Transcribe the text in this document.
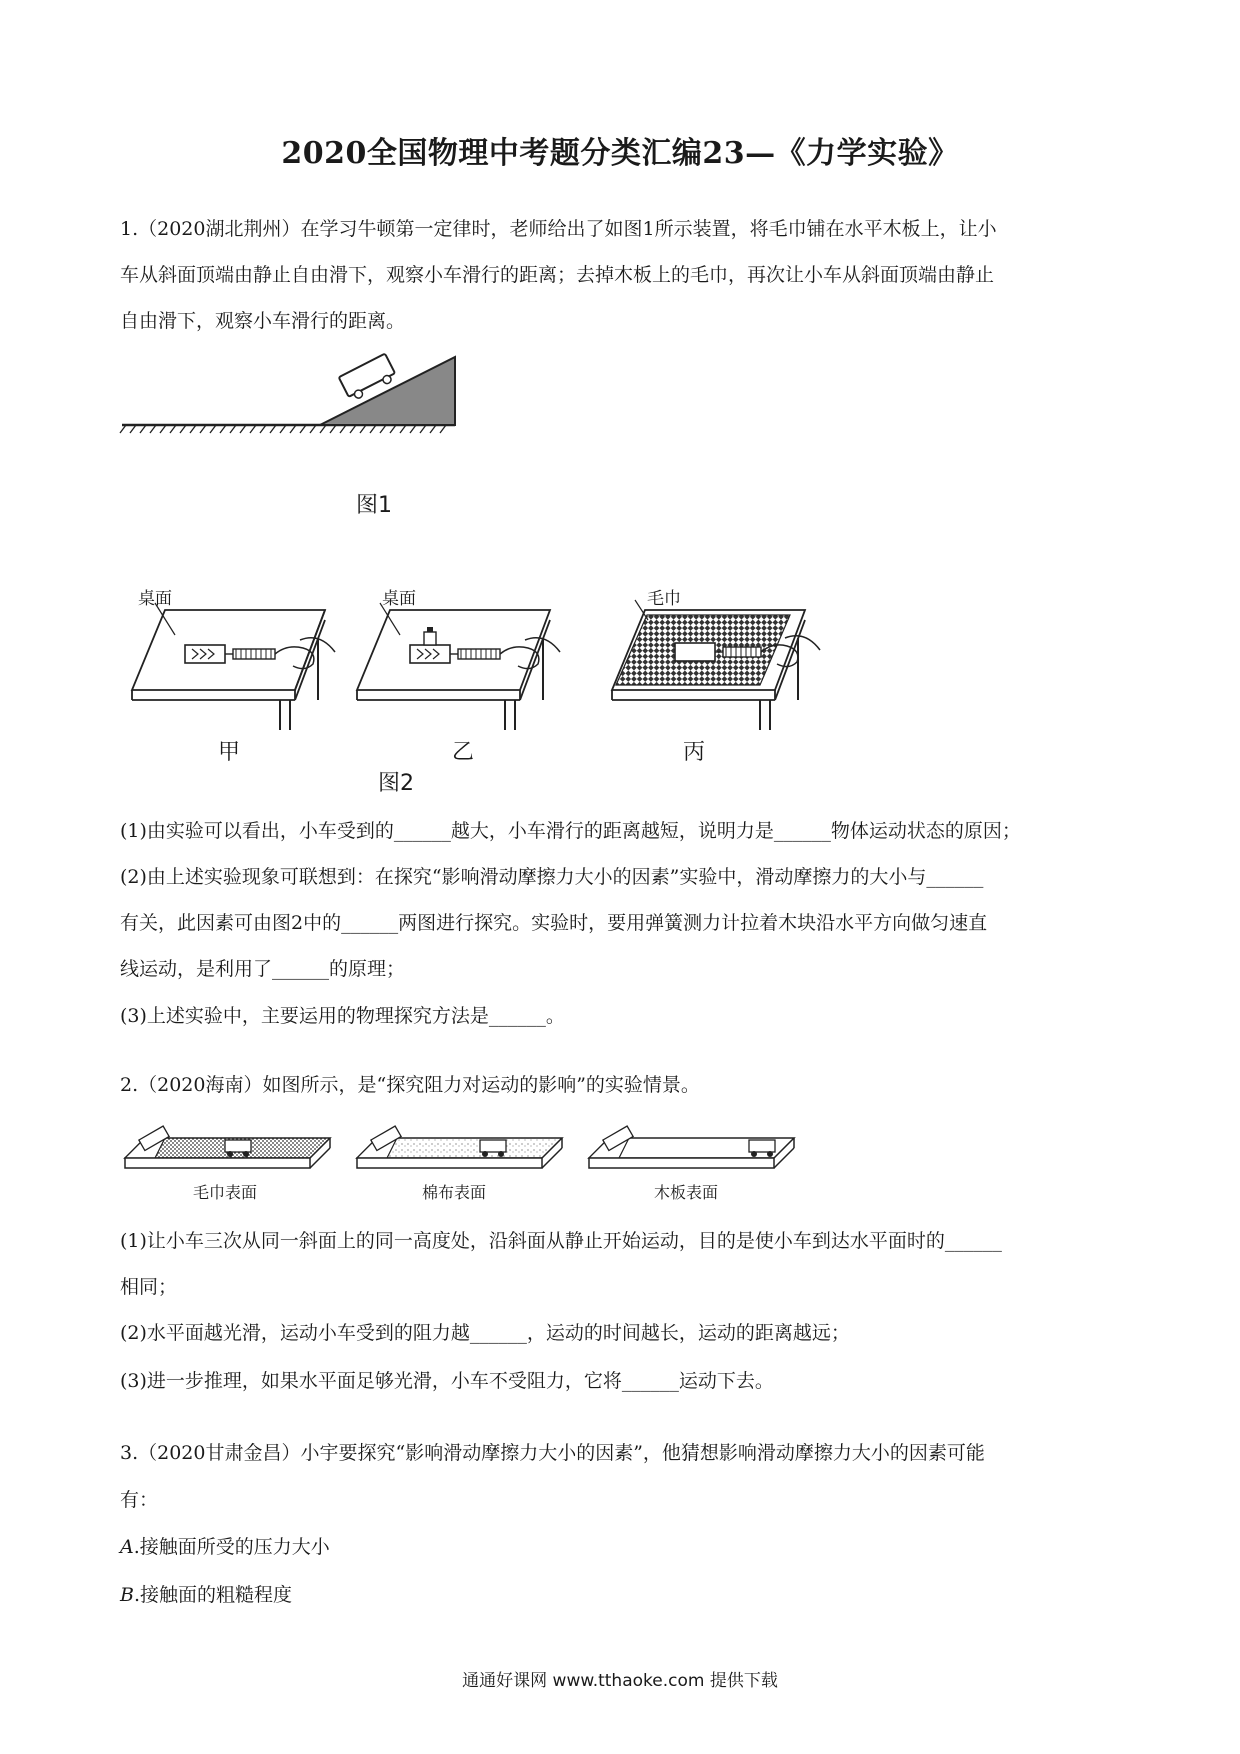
2020全国物理中考题分类汇编23—《力学实验》
1.（2020湖北荆州）在学习牛顿第一定律时，老师给出了如图1所示装置，将毛巾铺在水平木板上，让小
车从斜面顶端由静止自由滑下，观察小车滑行的距离；去掉木板上的毛巾，再次让小车从斜面顶端由静止
自由滑下，观察小车滑行的距离。
图1
桌面	桌面	毛巾
甲	乙	丙
图2
(1)由实验可以看出，小车受到的______越大，小车滑行的距离越短，说明力是______物体运动状态的原因；
(2)由上述实验现象可联想到：在探究“影响滑动摩擦力大小的因素”实验中，滑动摩擦力的大小与______
有关，此因素可由图2中的______两图进行探究。实验时，要用弹簧测力计拉着木块沿水平方向做匀速直
线运动，是利用了______的原理；
(3)上述实验中，主要运用的物理探究方法是______。
2.（2020海南）如图所示，是“探究阻力对运动的影响”的实验情景。
毛巾表面	棉布表面	木板表面
(1)让小车三次从同一斜面上的同一高度处，沿斜面从静止开始运动，目的是使小车到达水平面时的______
相同；
(2)水平面越光滑，运动小车受到的阻力越______，运动的时间越长，运动的距离越远；
(3)进一步推理，如果水平面足够光滑，小车不受阻力，它将______运动下去。
3.（2020甘肃金昌）小宇要探究“影响滑动摩擦力大小的因素”，他猜想影响滑动摩擦力大小的因素可能
有：
A.接触面所受的压力大小
B.接触面的粗糙程度
通通好课网 www.tthaoke.com 提供下载
